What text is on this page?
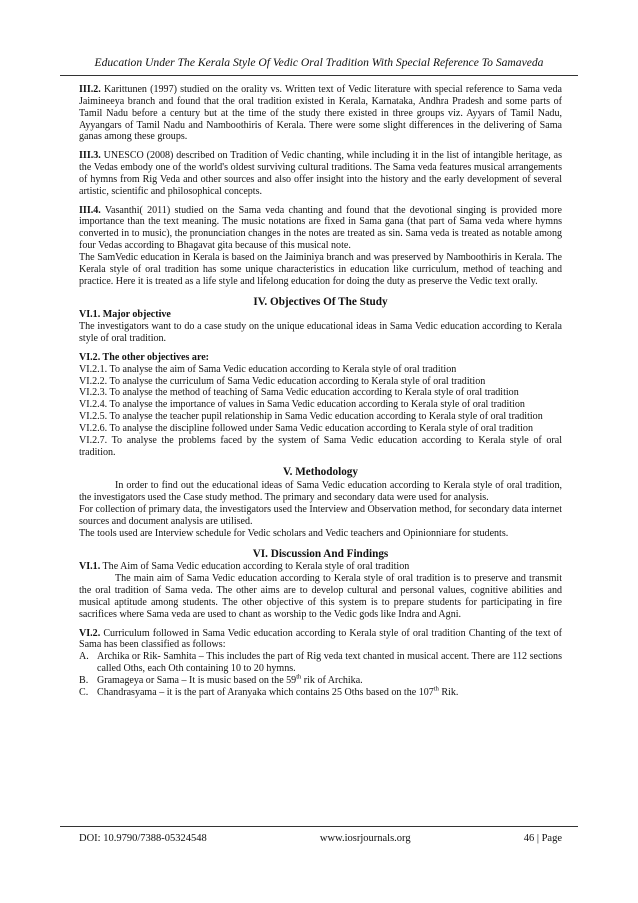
Education Under The Kerala Style Of Vedic Oral Tradition With Special Reference To Samaveda

III.2. Karittunen (1997) studied on the orality vs. Written text of Vedic literature with special reference to Sama veda Jaimineeya branch and found that the oral tradition existed in Kerala, Karnataka, Andhra Pradesh and some parts of Tamil Nadu before a century but at the time of the study there existed in three groups viz. Ayyars of Tamil Nadu, Ayyangars of Tamil Nadu and Namboothiris of Kerala. There were some slight differences in the delivering of Sama ganas among these groups.

III.3. UNESCO (2008) described on Tradition of Vedic chanting, while including it in the list of intangible heritage, as the Vedas embody one of the world's oldest surviving cultural traditions. The Sama veda features musical arrangements of hymns from Rig Veda and other sources and also offer insight into the history and the early development of several artistic, scientific and philosophical concepts.

III.4. Vasanthi( 2011) studied on the Sama veda chanting and found that the devotional singing is provided more importance than the text meaning. The music notations are fixed in Sama gana (that part of Sama veda where hymns converted in to music), the pronunciation changes in the notes are treated as sin. Sama veda is treated as notable among four Vedas according to Bhagavat gita because of this musical note.

The SamVedic education in Kerala is based on the Jaiminiya branch and was preserved by Namboothiris in Kerala. The Kerala style of oral tradition has some unique characteristics in education like curriculum, method of teaching and practice. Here it is treated as a life style and lifelong education for doing the duty as preserve the Vedic text orally.

IV. Objectives Of The Study
VI.1. Major objective

The investigators want to do a case study on the unique educational ideas in Sama Vedic education according to Kerala style of oral tradition.

VI.2. The other objectives are:
VI.2.1. To analyse the aim of Sama Vedic education according to Kerala style of oral tradition
VI.2.2. To analyse the curriculum of Sama Vedic education according to Kerala style of oral tradition
VI.2.3. To analyse the method of teaching of Sama Vedic education according to Kerala style of oral tradition
VI.2.4. To analyse the importance of values in Sama Vedic education according to Kerala style of oral tradition
VI.2.5. To analyse the teacher pupil relationship in Sama Vedic education according to Kerala style of oral tradition
VI.2.6. To analyse the discipline followed under Sama Vedic education according to Kerala style of oral tradition
VI.2.7. To analyse the problems faced by the system of Sama Vedic education according to Kerala style of oral tradition.
V. Methodology

In order to find out the educational ideas of Sama Vedic education according to Kerala style of oral tradition, the investigators used the Case study method. The primary and secondary data were used for analysis.

For collection of primary data, the investigators used the Interview and Observation method, for secondary data internet sources and document analysis are utilised.

The tools used are Interview schedule for Vedic scholars and Vedic teachers and Opinionniare for students.

VI. Discussion And Findings
VI.1. The Aim of Sama Vedic education according to Kerala style of oral tradition

The main aim of Sama Vedic education according to Kerala style of oral tradition is to preserve and transmit the oral tradition of Sama veda. The other aims are to develop cultural and personal values, cognitive abilities and musical aptitude among students. The other objective of this system is to prepare students for participating in fire sacrifices where Sama veda are used to chant as worship to the Vedic gods like Indra and Agni.

VI.2. Curriculum followed in Sama Vedic education according to Kerala style of oral tradition Chanting of the text of Sama has been classified as follows:

A. Archika or Rik- Samhita – This includes the part of Rig veda text chanted in musical accent. There are 112 sections called Oths, each Oth containing 10 to 20 hymns.
B. Gramageya or Sama – It is music based on the 59th rik of Archika.
C. Chandrasyama – it is the part of Aranyaka which contains 25 Oths based on the 107th Rik.
DOI: 10.9790/7388-05324548	www.iosrjournals.org	46 | Page
